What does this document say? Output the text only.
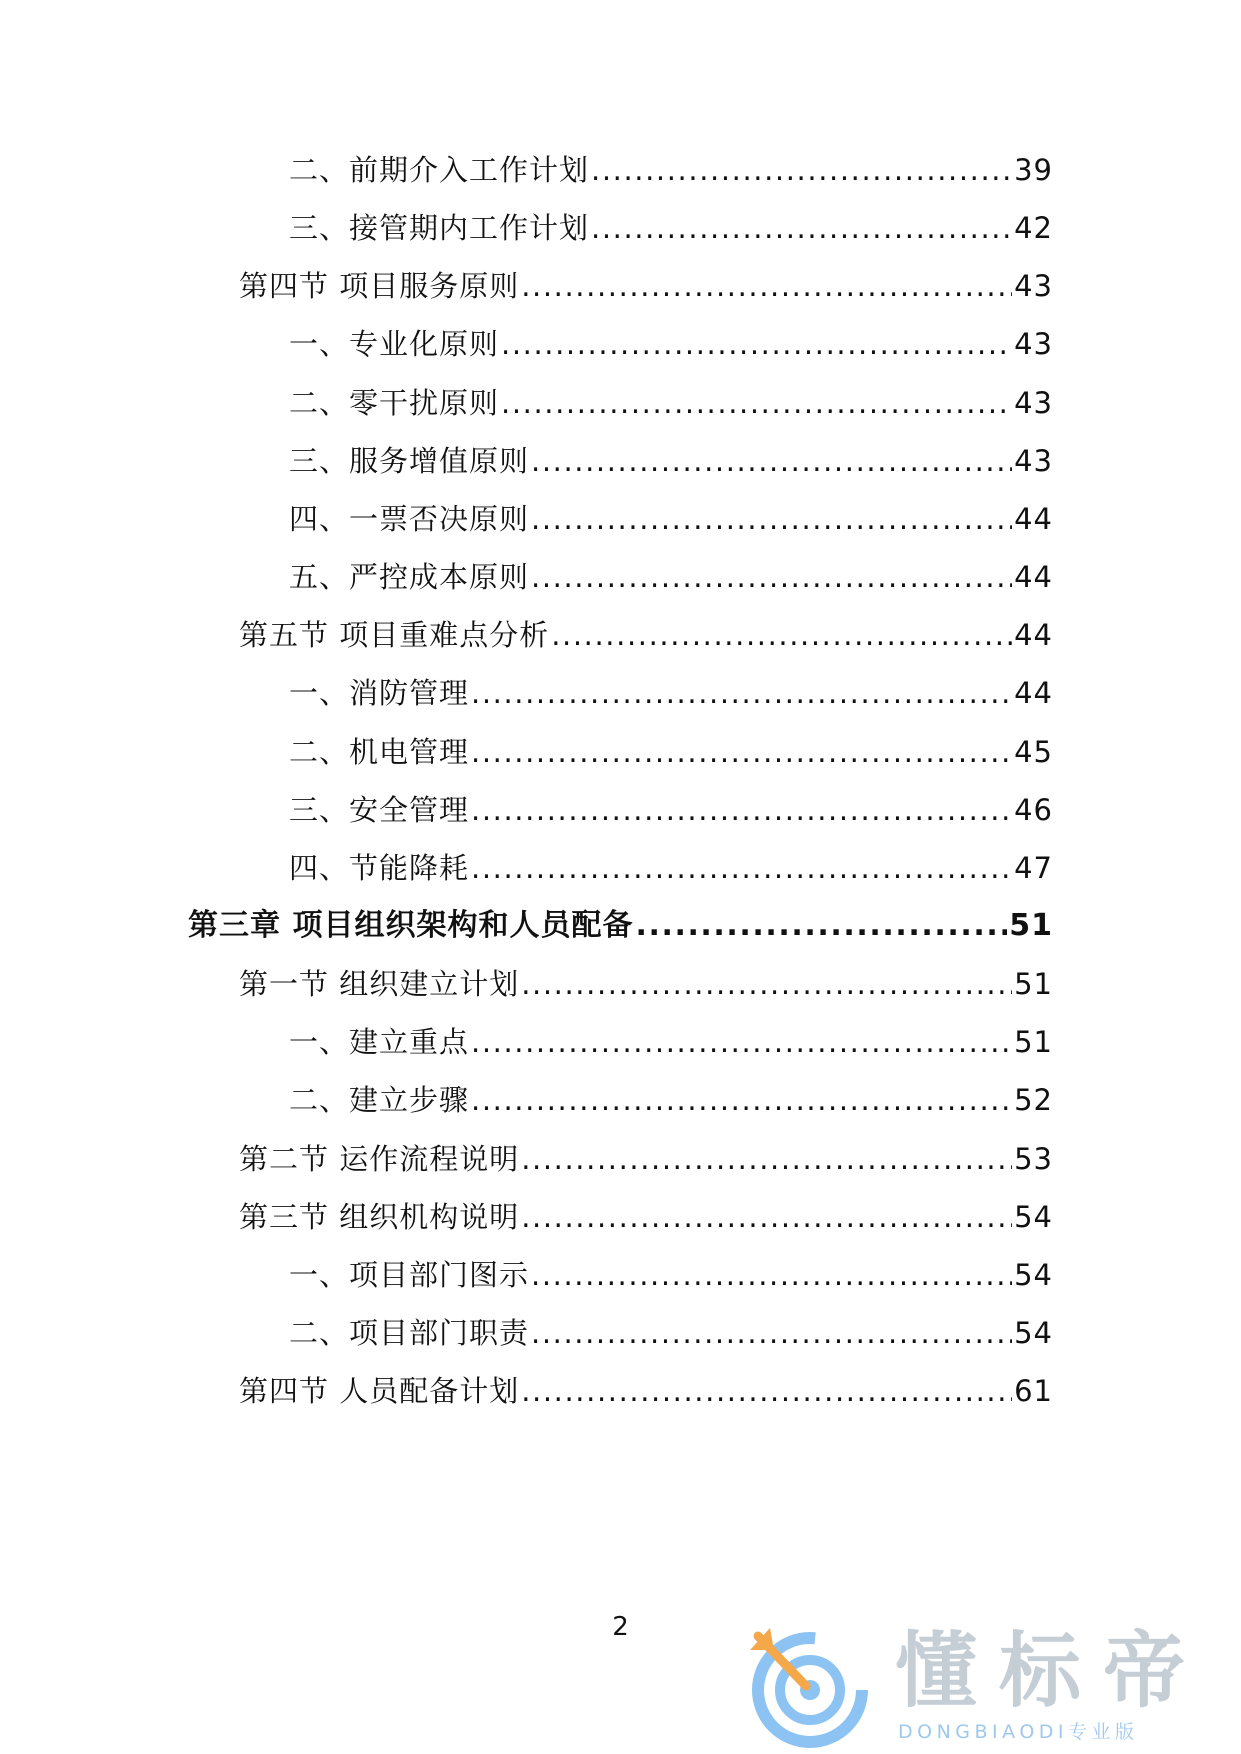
二、前期介入工作计划 .....	39
三、接管期内工作计划 .....	42
第四节 项目服务原则 .....	43
一、专业化原则 .....	43
二、零干扰原则 .....	43
三、服务增值原则 .....	43
四、一票否决原则 .....	44
五、严控成本原则 .....	44
第五节 项目重难点分析 .....	44
一、消防管理 .....	44
二、机电管理 .....	45
三、安全管理 .....	46
四、节能降耗 .....	47
第三章 项目组织架构和人员配备 .....	51
第一节 组织建立计划 .....	51
一、建立重点 .....	51
二、建立步骤 .....	52
第二节 运作流程说明 .....	53
第三节 组织机构说明 .....	54
一、项目部门图示 .....	54
二、项目部门职责 .....	54
第四节 人员配备计划 .....	61
2	懂标帝
DONGBIAODI专业版
